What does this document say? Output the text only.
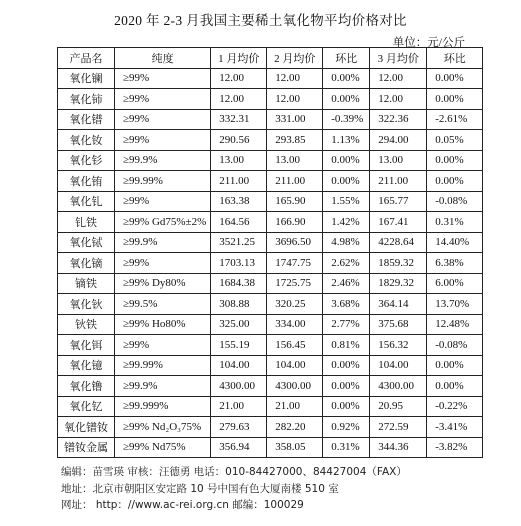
2020 年 2-3 月我国主要稀土氧化物平均价格对比
单位：元/公斤
产品名	纯度	1 月均价	2 月均价	环比	3 月均价	环比
氧化镧	≥99%	12.00	12.00	0.00%	12.00	0.00%
氧化铈	≥99%	12.00	12.00	0.00%	12.00	0.00%
氧化镨	≥99%	332.31	331.00	-0.39%	322.36	-2.61%
氧化钕	≥99%	290.56	293.85	1.13%	294.00	0.05%
氧化钐	≥99.9%	13.00	13.00	0.00%	13.00	0.00%
氧化铕	≥99.99%	211.00	211.00	0.00%	211.00	0.00%
氧化钆	≥99%	163.38	165.90	1.55%	165.77	-0.08%
钆铁	≥99% Gd75%±2%	164.56	166.90	1.42%	167.41	0.31%
氧化铽	≥99.9%	3521.25	3696.50	4.98%	4228.64	14.40%
氧化镝	≥99%	1703.13	1747.75	2.62%	1859.32	6.38%
镝铁	≥99% Dy80%	1684.38	1725.75	2.46%	1829.32	6.00%
氧化钬	≥99.5%	308.88	320.25	3.68%	364.14	13.70%
钬铁	≥99% Ho80%	325.00	334.00	2.77%	375.68	12.48%
氧化铒	≥99%	155.19	156.45	0.81%	156.32	-0.08%
氧化镱	≥99.99%	104.00	104.00	0.00%	104.00	0.00%
氧化镥	≥99.9%	4300.00	4300.00	0.00%	4300.00	0.00%
氧化钇	≥99.999%	21.00	21.00	0.00%	20.95	-0.22%
氧化镨钕	≥99% Nd₂O₃75%	279.63	282.20	0.92%	272.59	-3.41%
镨钕金属	≥99% Nd75%	356.94	358.05	0.31%	344.36	-3.82%
编辑：苗雪瑛 审核：汪德勇 电话：010-84427000、84427004（FAX）
地址：北京市朝阳区安定路 10 号中国有色大厦南楼 510 室
网址： http：//www.ac-rei.org.cn 邮编：100029
